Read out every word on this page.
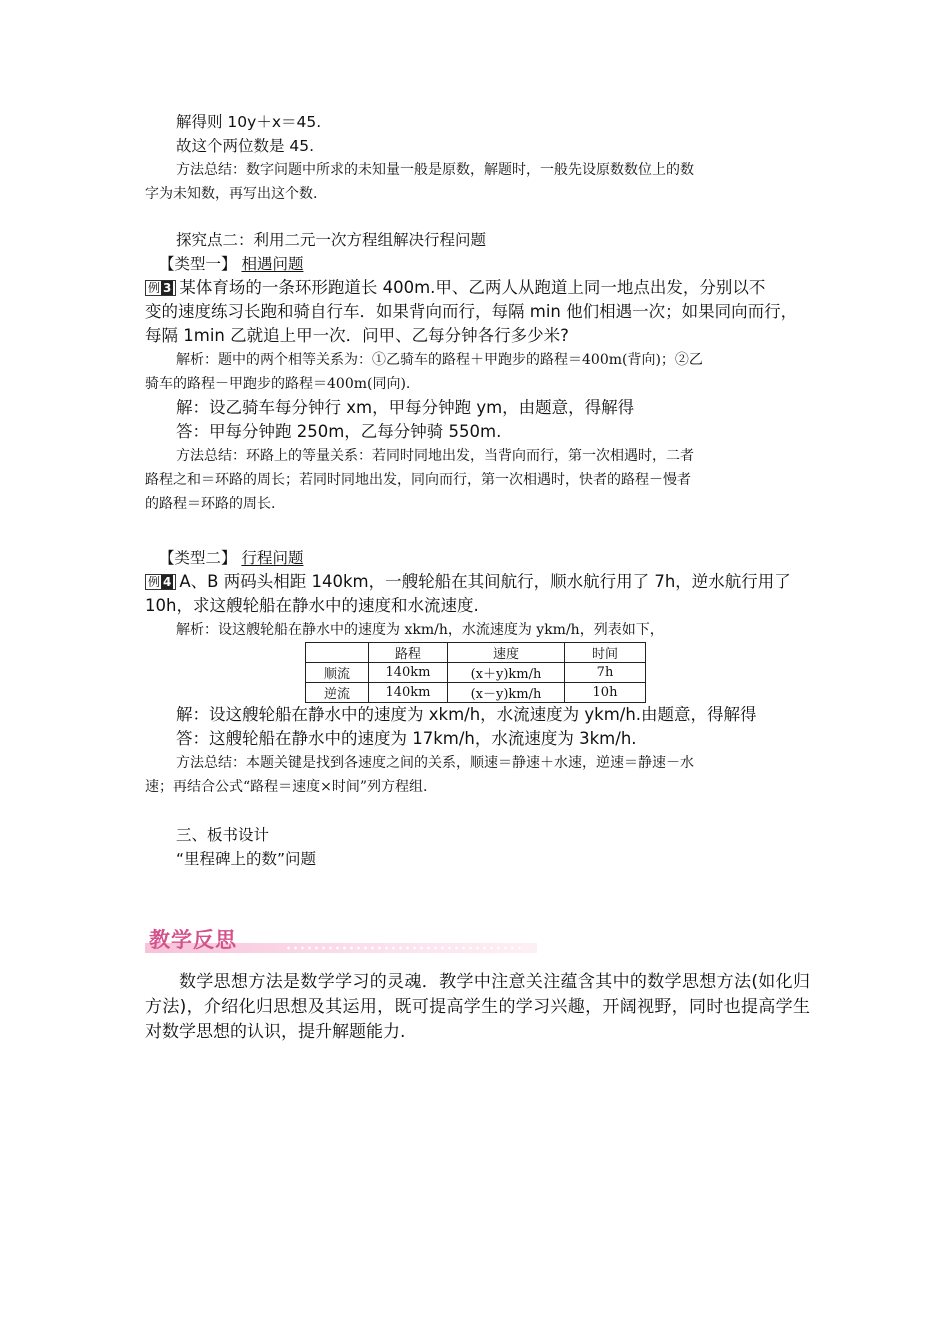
解得则 10y＋x＝45.

故这个两位数是 45.

方法总结：数字问题中所求的未知量一般是原数，解题时，一般先设原数数位上的数

字为未知数，再写出这个数.

探究点二：利用二元一次方程组解决行程问题

【类型一】 相遇问题

例 3 某体育场的一条环形跑道长 400m.甲、乙两人从跑道上同一地点出发，分别以不

变的速度练习长跑和骑自行车．如果背向而行，每隔 min 他们相遇一次；如果同向而行，

每隔 1min 乙就追上甲一次．问甲、乙每分钟各行多少米?

解析：题中的两个相等关系为：①乙骑车的路程＋甲跑步的路程＝400m(背向)；②乙

骑车的路程－甲跑步的路程＝400m(同向).

解：设乙骑车每分钟行 xm，甲每分钟跑 ym，由题意，得解得

答：甲每分钟跑 250m，乙每分钟骑 550m.

方法总结：环路上的等量关系：若同时同地出发，当背向而行，第一次相遇时，二者

路程之和＝环路的周长；若同时同地出发，同向而行，第一次相遇时，快者的路程－慢者

的路程＝环路的周长.

【类型二】 行程问题

例 4 A、B 两码头相距 140km，一艘轮船在其间航行，顺水航行用了 7h，逆水航行用了

10h，求这艘轮船在静水中的速度和水流速度.

解析：设这艘轮船在静水中的速度为 xkm/h，水流速度为 ykm/h，列表如下，

	路程	速度	时间
顺流	140km	(x＋y)km/h	7h
逆流	140km	(x－y)km/h	10h

解：设这艘轮船在静水中的速度为 xkm/h，水流速度为 ykm/h.由题意，得解得

答：这艘轮船在静水中的速度为 17km/h，水流速度为 3km/h.

方法总结：本题关键是找到各速度之间的关系，顺速＝静速＋水速，逆速＝静速－水

速；再结合公式“路程＝速度×时间”列方程组.

三、板书设计

“里程碑上的数”问题

教学反思

数学思想方法是数学学习的灵魂．教学中注意关注蕴含其中的数学思想方法(如化归方法)，介绍化归思想及其运用，既可提高学生的学习兴趣，开阔视野，同时也提高学生对数学思想的认识，提升解题能力.
